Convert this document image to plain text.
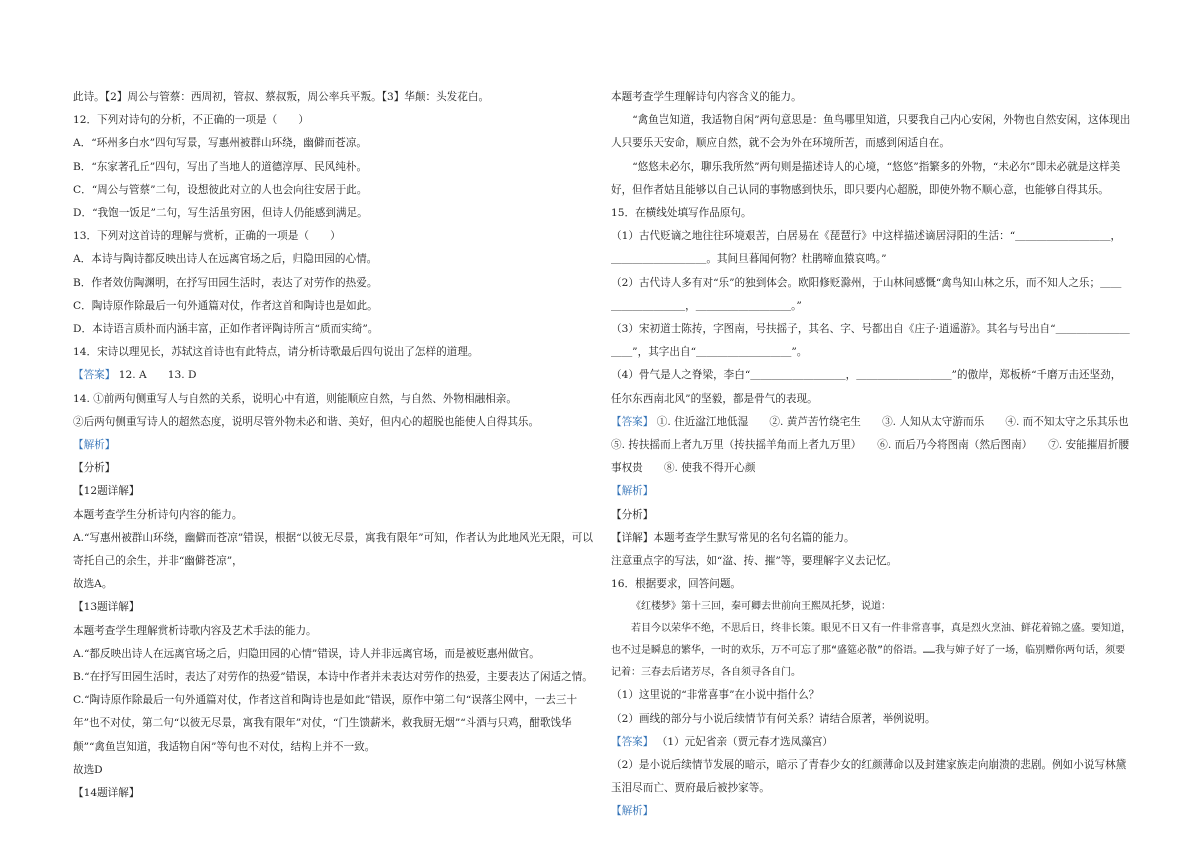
此诗。【2】周公与管蔡：西周初，管叔、蔡叔叛，周公率兵平叛。【3】华颠：头发花白。

12．下列对诗句的分析，不正确的一项是（　　）

A．“环州多白水”四句写景，写惠州被群山环绕，幽僻而苍凉。

B．“东家著孔丘”四句，写出了当地人的道德淳厚、民风纯朴。

C．“周公与管蔡”二句，设想彼此对立的人也会向往安居于此。

D．“我饱一饭足”二句，写生活虽穷困，但诗人仍能感到满足。

13．下列对这首诗的理解与赏析，正确的一项是（　　）

A．本诗与陶诗都反映出诗人在远离官场之后，归隐田园的心情。

B．作者效仿陶渊明，在抒写田园生活时，表达了对劳作的热爱。

C．陶诗原作除最后一句外通篇对仗，作者这首和陶诗也是如此。

D．本诗语言质朴而内涵丰富，正如作者评陶诗所言“质而实绮”。

14．宋诗以理见长，苏轼这首诗也有此特点，请分析诗歌最后四句说出了怎样的道理。

【答案】 12. A　　13. D

14. ①前两句侧重写人与自然的关系，说明心中有道，则能顺应自然，与自然、外物相融相亲。

②后两句侧重写诗人的超然态度，说明尽管外物未必和谐、美好，但内心的超脱也能使人自得其乐。

【解析】

【分析】

【12题详解】

本题考查学生分析诗句内容的能力。

A.“写惠州被群山环绕，幽僻而苍凉”错误，根据“以彼无尽景，寓我有限年”可知，作者认为此地风光无限，可以寄托自己的余生，并非“幽僻苍凉”，

故选A。

【13题详解】

本题考查学生理解赏析诗歌内容及艺术手法的能力。

A.“都反映出诗人在远离官场之后，归隐田园的心情”错误，诗人并非远离官场，而是被贬惠州做官。

B.“在抒写田园生活时，表达了对劳作的热爱”错误，本诗中作者并未表达对劳作的热爱，主要表达了闲适之情。

C.“陶诗原作除最后一句外通篇对仗，作者这首和陶诗也是如此”错误，原作中第二句“误落尘网中，一去三十年”也不对仗，第二句“以彼无尽景，寓我有限年”对仗，“门生馈薪米，救我厨无烟”“斗酒与只鸡，酣歌饯华颠”“禽鱼岂知道，我适物自闲”等句也不对仗，结构上并不一致。

故选D

【14题详解】

本题考查学生理解诗句内容含义的能力。

“禽鱼岂知道，我适物自闲”两句意思是：鱼鸟哪里知道，只要我自己内心安闲，外物也自然安闲，这体现出人只要乐天安命，顺应自然，就不会为外在环境所苦，而感到闲适自在。

“悠悠未必尔，聊乐我所然”两句则是描述诗人的心境，“悠悠”指繁多的外物，“未必尔”即未必就是这样美好，但作者姑且能够以自己认同的事物感到快乐，即只要内心超脱，即使外物不顺心意，也能够自得其乐。

15．在横线处填写作品原句。

（1）古代贬谪之地往往环境艰苦，白居易在《琵琶行》中这样描述谪居浔阳的生活：“＿＿＿＿＿＿＿＿＿，＿＿＿＿＿＿＿＿＿。其间旦暮闻何物？杜鹃啼血猿哀鸣。”

（2）古代诗人多有对“乐”的独到体会。欧阳修贬滁州，于山林间感慨“禽鸟知山林之乐，而不知人之乐；＿＿＿＿＿＿＿＿＿，＿＿＿＿＿＿＿＿＿。”

（3）宋初道士陈抟，字图南，号扶摇子，其名、字、号都出自《庄子·逍遥游》。其名与号出自“＿＿＿＿＿＿＿＿＿”，其字出自“＿＿＿＿＿＿＿＿＿”。

（4）骨气是人之脊梁，李白“＿＿＿＿＿＿＿＿＿，＿＿＿＿＿＿＿＿＿”的傲岸，郑板桥“千磨万击还坚劲，任尔东西南北风”的坚毅，都是骨气的表现。

【答案】 ①. 住近湓江地低湿　　②. 黄芦苦竹绕宅生　　③. 人知从太守游而乐　　④. 而不知太守之乐其乐也　　⑤. 抟扶摇而上者九万里（抟扶摇羊角而上者九万里）　　⑥. 而后乃今将图南（然后图南）　　⑦. 安能摧眉折腰事权贵　　⑧. 使我不得开心颜

【解析】

【分析】

【详解】本题考查学生默写常见的名句名篇的能力。

注意重点字的写法，如“湓、抟、摧”等，要理解字义去记忆。

16．根据要求，回答问题。

《红楼梦》第十三回，秦可卿去世前向王熙凤托梦，说道：

若目今以荣华不绝，不思后日，终非长策。眼见不日又有一件非常喜事，真是烈火烹油、鲜花着锦之盛。要知道，也不过是瞬息的繁华，一时的欢乐，万不可忘了那“盛筵必散”的俗语。……我与婶子好了一场，临别赠你两句话，须要记着：三春去后诸芳尽，各自须寻各自门。

（1）这里说的“非常喜事”在小说中指什么？

（2）画线的部分与小说后续情节有何关系？请结合原著，举例说明。

【答案】 （1）元妃省亲（贾元春才选凤藻宫）

（2）是小说后续情节发展的暗示，暗示了青春少女的红颜薄命以及封建家族走向崩溃的悲剧。例如小说写林黛玉泪尽而亡、贾府最后被抄家等。

【解析】
